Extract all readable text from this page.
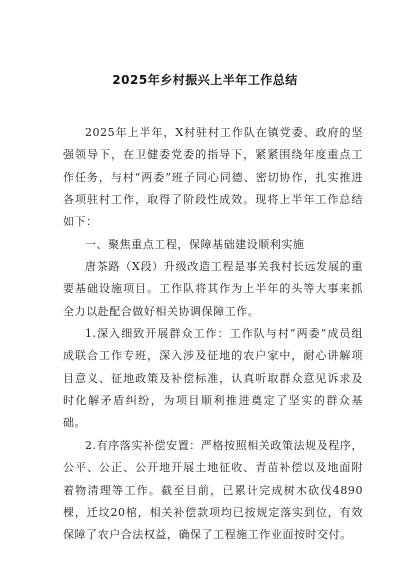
2025年乡村振兴上半年工作总结

2025年上半年，X村驻村工作队在镇党委、政府的坚强领导下，在卫健委党委的指导下，紧紧围绕年度重点工作任务，与村“两委”班子同心同德、密切协作，扎实推进各项驻村工作，取得了阶段性成效。现将上半年工作总结如下：

一、聚焦重点工程，保障基础建设顺利实施

唐茶路（X段）升级改造工程是事关我村长远发展的重要基础设施项目。工作队将其作为上半年的头等大事来抓全力以赴配合做好相关协调保障工作。

1.深入细致开展群众工作：工作队与村“两委”成员组成联合工作专班，深入涉及征地的农户家中，耐心讲解项目意义、征地政策及补偿标准，认真听取群众意见诉求及时化解矛盾纠纷，为项目顺利推进奠定了坚实的群众基础。

2.有序落实补偿安置：严格按照相关政策法规及程序，公平、公正、公开地开展土地征收、青苗补偿以及地面附着物清理等工作。截至目前，已累计完成树木砍伐4890棵，迁坟20棺，相关补偿款项均已按规定落实到位，有效保障了农户合法权益，确保了工程施工作业面按时交付。
